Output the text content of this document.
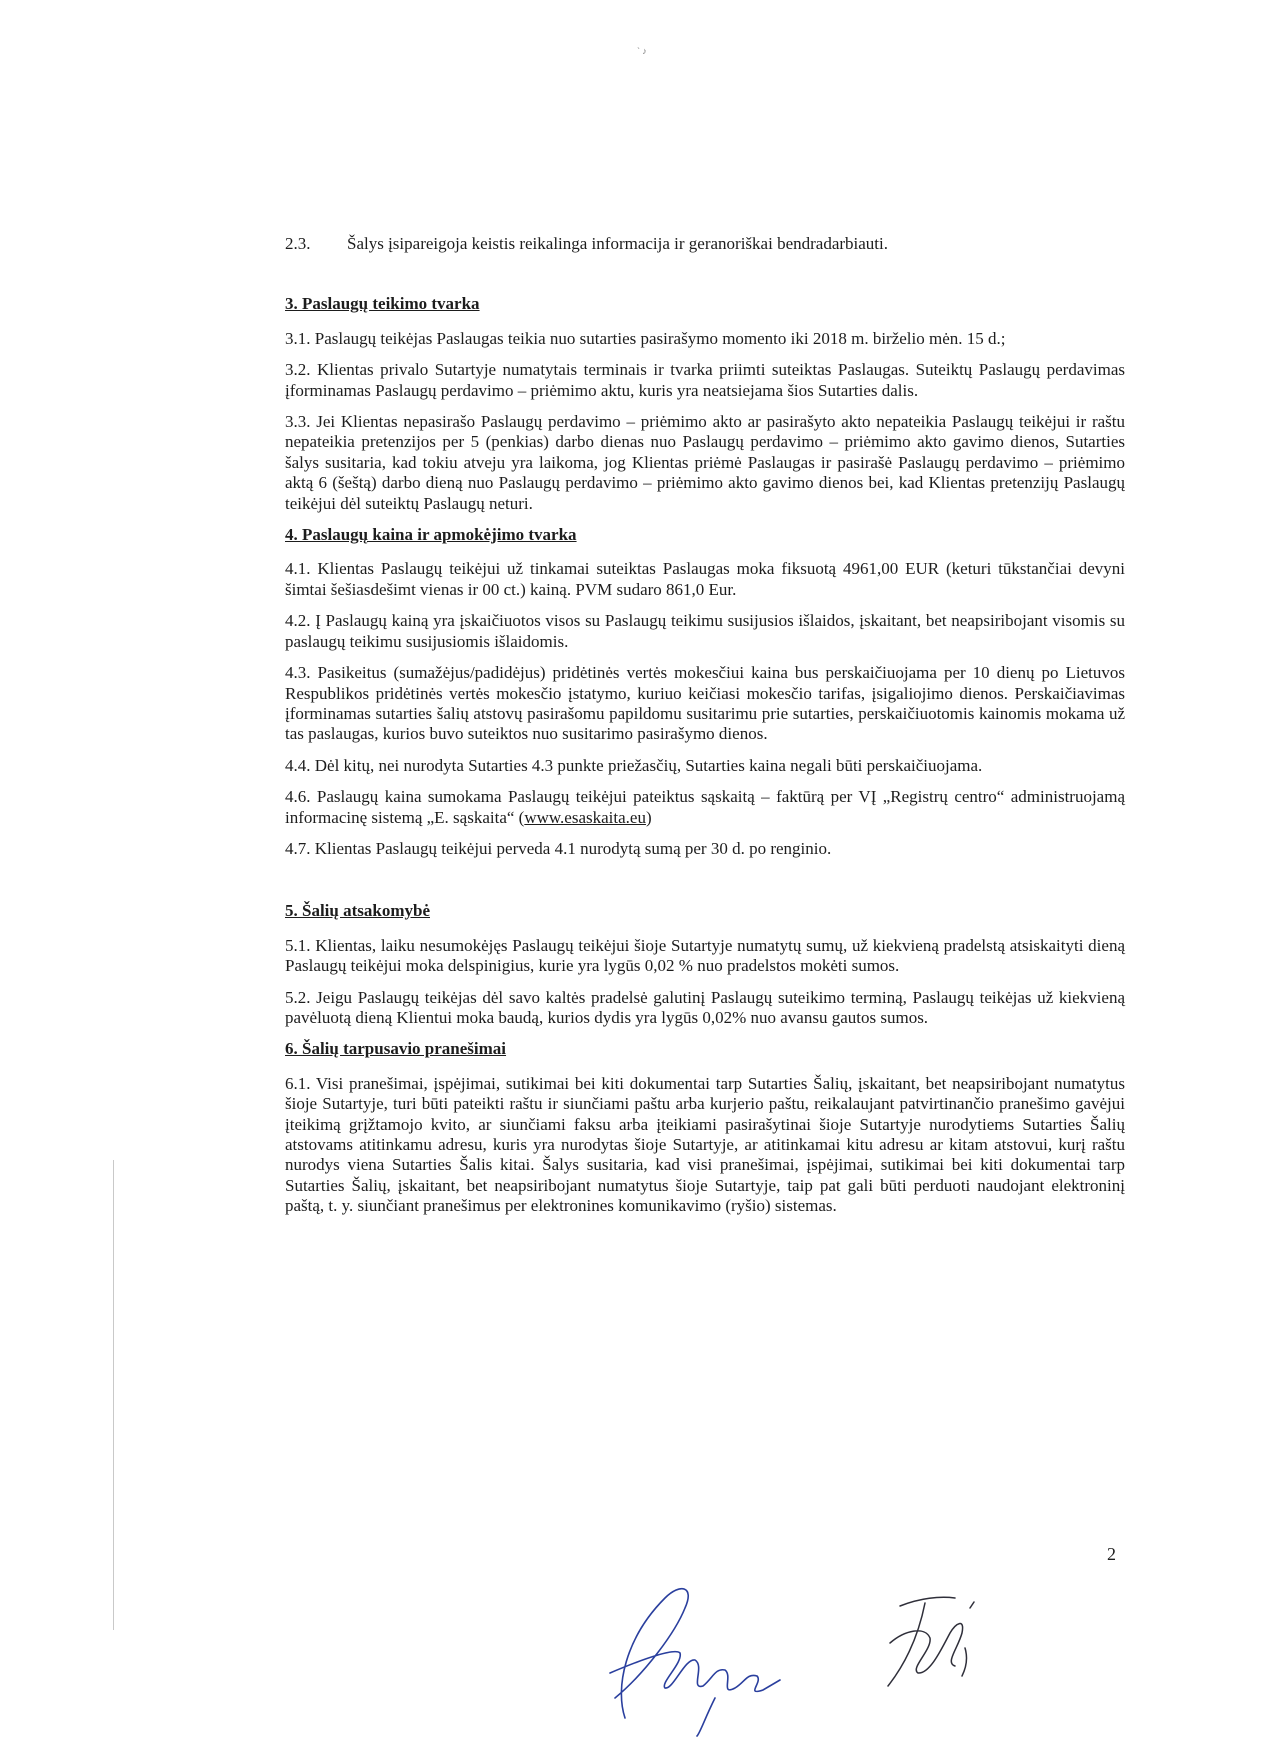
` ♪
2.3.	Šalys įsipareigoja keistis reikalinga informacija ir geranoriškai bendradarbiauti.
3. Paslaugų teikimo tvarka

3.1. Paslaugų teikėjas Paslaugas teikia nuo sutarties pasirašymo momento iki 2018 m. birželio mėn. 15 d.;

3.2. Klientas privalo Sutartyje numatytais terminais ir tvarka priimti suteiktas Paslaugas. Suteiktų Paslaugų perdavimas įforminamas Paslaugų perdavimo – priėmimo aktu, kuris yra neatsiejama šios Sutarties dalis.

3.3. Jei Klientas nepasirašo Paslaugų perdavimo – priėmimo akto ar pasirašyto akto nepateikia Paslaugų teikėjui ir raštu nepateikia pretenzijos per 5 (penkias) darbo dienas nuo Paslaugų perdavimo – priėmimo akto gavimo dienos, Sutarties šalys susitaria, kad tokiu atveju yra laikoma, jog Klientas priėmė Paslaugas ir pasirašė Paslaugų perdavimo – priėmimo aktą 6 (šeštą) darbo dieną nuo Paslaugų perdavimo – priėmimo akto gavimo dienos bei, kad Klientas pretenzijų Paslaugų teikėjui dėl suteiktų Paslaugų neturi.

4. Paslaugų kaina ir apmokėjimo tvarka

4.1. Klientas Paslaugų teikėjui už tinkamai suteiktas Paslaugas moka fiksuotą 4961,00 EUR (keturi tūkstančiai devyni šimtai šešiasdešimt vienas ir 00 ct.) kainą. PVM sudaro 861,0 Eur.

4.2. Į Paslaugų kainą yra įskaičiuotos visos su Paslaugų teikimu susijusios išlaidos, įskaitant, bet neapsiribojant visomis su paslaugų teikimu susijusiomis išlaidomis.

4.3. Pasikeitus (sumažėjus/padidėjus) pridėtinės vertės mokesčiui kaina bus perskaičiuojama per 10 dienų po Lietuvos Respublikos pridėtinės vertės mokesčio įstatymo, kuriuo keičiasi mokesčio tarifas, įsigaliojimo dienos. Perskaičiavimas įforminamas sutarties šalių atstovų pasirašomu papildomu susitarimu prie sutarties, perskaičiuotomis kainomis mokama už tas paslaugas, kurios buvo suteiktos nuo susitarimo pasirašymo dienos.

4.4. Dėl kitų, nei nurodyta Sutarties 4.3 punkte priežasčių, Sutarties kaina negali būti perskaičiuojama.

4.6. Paslaugų kaina sumokama Paslaugų teikėjui pateiktus sąskaitą – faktūrą per VĮ „Registrų centro“ administruojamą informacinę sistemą „E. sąskaita“ (www.esaskaita.eu)

4.7. Klientas Paslaugų teikėjui perveda 4.1 nurodytą sumą per 30 d. po renginio.

5. Šalių atsakomybė

5.1. Klientas, laiku nesumokėjęs Paslaugų teikėjui šioje Sutartyje numatytų sumų, už kiekvieną pradelstą atsiskaityti dieną Paslaugų teikėjui moka delspinigius, kurie yra lygūs 0,02 % nuo pradelstos mokėti sumos.

5.2. Jeigu Paslaugų teikėjas dėl savo kaltės pradelsė galutinį Paslaugų suteikimo terminą, Paslaugų teikėjas už kiekvieną pavėluotą dieną Klientui moka baudą, kurios dydis yra lygūs 0,02% nuo avansu gautos sumos.

6. Šalių tarpusavio pranešimai

6.1. Visi pranešimai, įspėjimai, sutikimai bei kiti dokumentai tarp Sutarties Šalių, įskaitant, bet neapsiribojant numatytus šioje Sutartyje, turi būti pateikti raštu ir siunčiami paštu arba kurjerio paštu, reikalaujant patvirtinančio pranešimo gavėjui įteikimą grįžtamojo kvito, ar siunčiami faksu arba įteikiami pasirašytinai šioje Sutartyje nurodytiems Sutarties Šalių atstovams atitinkamu adresu, kuris yra nurodytas šioje Sutartyje, ar atitinkamai kitu adresu ar kitam atstovui, kurį raštu nurodys viena Sutarties Šalis kitai. Šalys susitaria, kad visi pranešimai, įspėjimai, sutikimai bei kiti dokumentai tarp Sutarties Šalių, įskaitant, bet neapsiribojant numatytus šioje Sutartyje, taip pat gali būti perduoti naudojant elektroninį paštą, t. y. siunčiant pranešimus per elektronines komunikavimo (ryšio) sistemas.

2
